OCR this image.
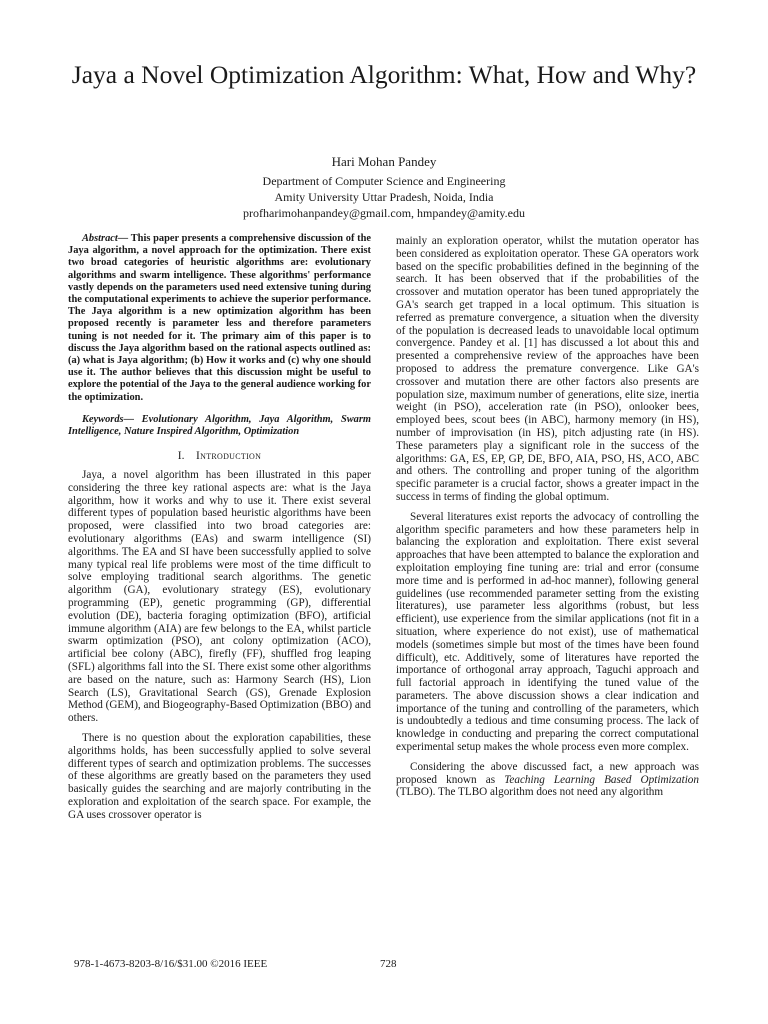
Jaya a Novel Optimization Algorithm: What, How and Why?
Hari Mohan Pandey
Department of Computer Science and Engineering
Amity University Uttar Pradesh, Noida, India
profharimohanpandey@gmail.com, hmpandey@amity.edu

Abstract— This paper presents a comprehensive discussion of the Jaya algorithm, a novel approach for the optimization. There exist two broad categories of heuristic algorithms are: evolutionary algorithms and swarm intelligence. These algorithms' performance vastly depends on the parameters used need extensive tuning during the computational experiments to achieve the superior performance. The Jaya algorithm is a new optimization algorithm has been proposed recently is parameter less and therefore parameters tuning is not needed for it. The primary aim of this paper is to discuss the Jaya algorithm based on the rational aspects outlined as: (a) what is Jaya algorithm; (b) How it works and (c) why one should use it. The author believes that this discussion might be useful to explore the potential of the Jaya to the general audience working for the optimization.

Keywords— Evolutionary Algorithm, Jaya Algorithm, Swarm Intelligence, Nature Inspired Algorithm, Optimization

I. Introduction

Jaya, a novel algorithm has been illustrated in this paper considering the three key rational aspects are: what is the Jaya algorithm, how it works and why to use it. There exist several different types of population based heuristic algorithms have been proposed, were classified into two broad categories are: evolutionary algorithms (EAs) and swarm intelligence (SI) algorithms. The EA and SI have been successfully applied to solve many typical real life problems were most of the time difficult to solve employing traditional search algorithms. The genetic algorithm (GA), evolutionary strategy (ES), evolutionary programming (EP), genetic programming (GP), differential evolution (DE), bacteria foraging optimization (BFO), artificial immune algorithm (AIA) are few belongs to the EA, whilst particle swarm optimization (PSO), ant colony optimization (ACO), artificial bee colony (ABC), firefly (FF), shuffled frog leaping (SFL) algorithms fall into the SI. There exist some other algorithms are based on the nature, such as: Harmony Search (HS), Lion Search (LS), Gravitational Search (GS), Grenade Explosion Method (GEM), and Biogeography-Based Optimization (BBO) and others.

There is no question about the exploration capabilities, these algorithms holds, has been successfully applied to solve several different types of search and optimization problems. The successes of these algorithms are greatly based on the parameters they used basically guides the searching and are majorly contributing in the exploration and exploitation of the search space. For example, the GA uses crossover operator is

mainly an exploration operator, whilst the mutation operator has been considered as exploitation operator. These GA operators work based on the specific probabilities defined in the beginning of the search. It has been observed that if the probabilities of the crossover and mutation operator has been tuned appropriately the GA's search get trapped in a local optimum. This situation is referred as premature convergence, a situation when the diversity of the population is decreased leads to unavoidable local optimum convergence. Pandey et al. [1] has discussed a lot about this and presented a comprehensive review of the approaches have been proposed to address the premature convergence. Like GA's crossover and mutation there are other factors also presents are population size, maximum number of generations, elite size, inertia weight (in PSO), acceleration rate (in PSO), onlooker bees, employed bees, scout bees (in ABC), harmony memory (in HS), number of improvisation (in HS), pitch adjusting rate (in HS). These parameters play a significant role in the success of the algorithms: GA, ES, EP, GP, DE, BFO, AIA, PSO, HS, ACO, ABC and others. The controlling and proper tuning of the algorithm specific parameter is a crucial factor, shows a greater impact in the success in terms of finding the global optimum.

Several literatures exist reports the advocacy of controlling the algorithm specific parameters and how these parameters help in balancing the exploration and exploitation. There exist several approaches that have been attempted to balance the exploration and exploitation employing fine tuning are: trial and error (consume more time and is performed in ad-hoc manner), following general guidelines (use recommended parameter setting from the existing literatures), use parameter less algorithms (robust, but less efficient), use experience from the similar applications (not fit in a situation, where experience do not exist), use of mathematical models (sometimes simple but most of the times have been found difficult), etc. Additively, some of literatures have reported the importance of orthogonal array approach, Taguchi approach and full factorial approach in identifying the tuned value of the parameters. The above discussion shows a clear indication and importance of the tuning and controlling of the parameters, which is undoubtedly a tedious and time consuming process. The lack of knowledge in conducting and preparing the correct computational experimental setup makes the whole process even more complex.

Considering the above discussed fact, a new approach was proposed known as Teaching Learning Based Optimization (TLBO). The TLBO algorithm does not need any algorithm

978-1-4673-8203-8/16/$31.00 ©2016 IEEE	728
